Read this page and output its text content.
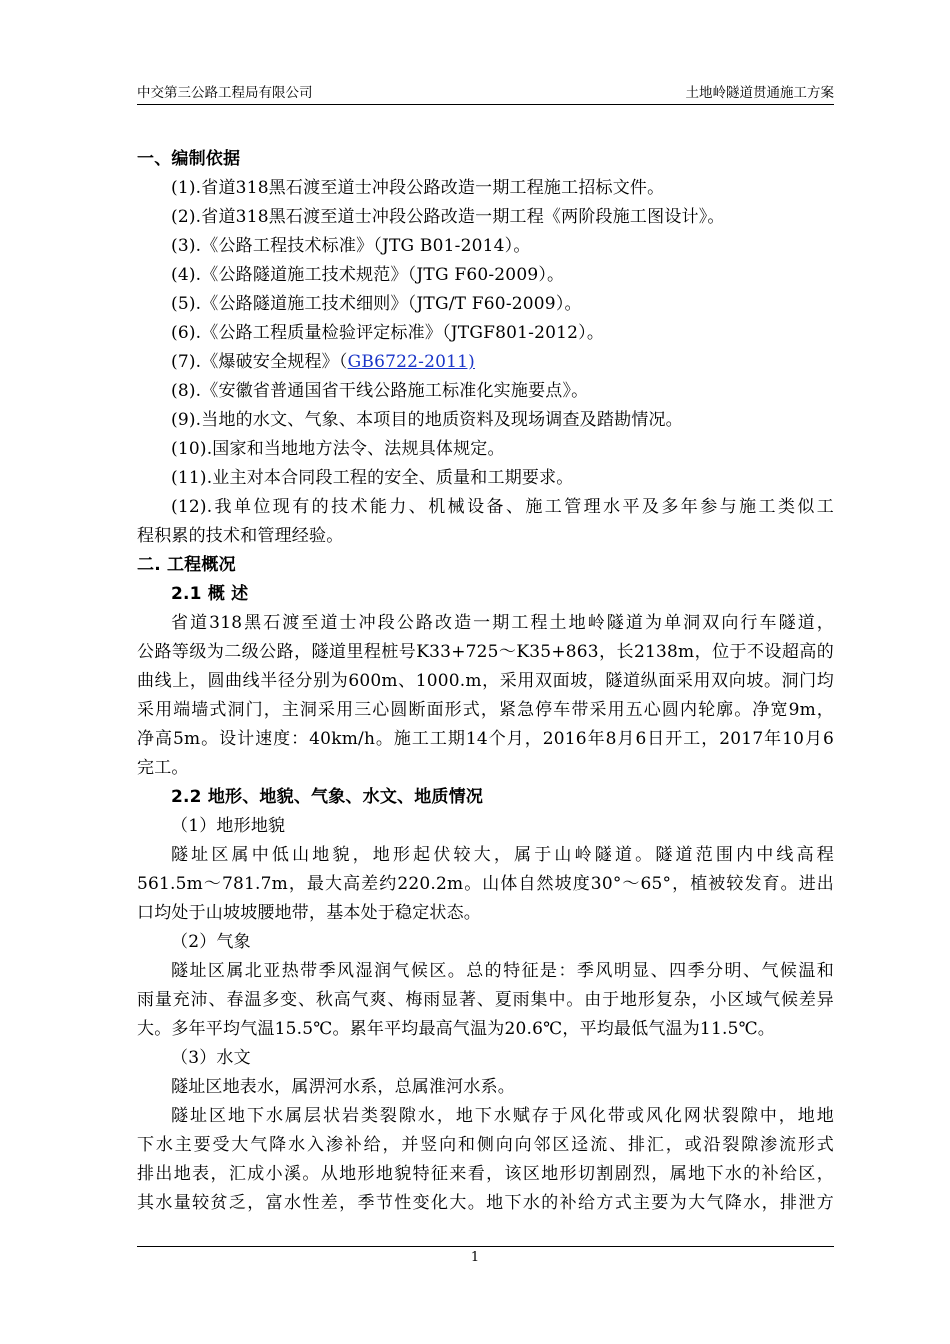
中交第三公路工程局有限公司	土地岭隧道贯通施工方案
一、编制依据
(1).省道318黑石渡至道士冲段公路改造一期工程施工招标文件。
(2).省道318黑石渡至道士冲段公路改造一期工程《两阶段施工图设计》。
(3).《公路工程技术标准》（JTG B01-2014）。
(4).《公路隧道施工技术规范》（JTG F60-2009）。
(5).《公路隧道施工技术细则》（JTG/T F60-2009）。
(6).《公路工程质量检验评定标准》（JTGF801-2012）。
(7).《爆破安全规程》（GB6722-2011)
(8).《安徽省普通国省干线公路施工标准化实施要点》。
(9).当地的水文、气象、本项目的地质资料及现场调查及踏勘情况。
(10).国家和当地地方法令、法规具体规定。
(11).业主对本合同段工程的安全、质量和工期要求。
(12).我单位现有的技术能力、机械设备、施工管理水平及多年参与施工类似工
程积累的技术和管理经验。
二. 工程概况
2.1 概 述
省道318黑石渡至道士冲段公路改造一期工程土地岭隧道为单洞双向行车隧道，
公路等级为二级公路，隧道里程桩号K33+725～K35+863，长2138m，位于不设超高的
曲线上，圆曲线半径分别为600m、1000.m，采用双面坡，隧道纵面采用双向坡。洞门均
采用端墙式洞门，主洞采用三心圆断面形式，紧急停车带采用五心圆内轮廓。净宽9m，
净高5m。设计速度：40km/h。施工工期14个月，2016年8月6日开工，2017年10月6
完工。
2.2 地形、地貌、气象、水文、地质情况
（1）地形地貌
隧址区属中低山地貌，地形起伏较大，属于山岭隧道。隧道范围内中线高程
561.5m～781.7m，最大高差约220.2m。山体自然坡度30°～65°，植被较发育。进出
口均处于山坡坡腰地带，基本处于稳定状态。
（2）气象
隧址区属北亚热带季风湿润气候区。总的特征是：季风明显、四季分明、气候温和
雨量充沛、春温多变、秋高气爽、梅雨显著、夏雨集中。由于地形复杂，小区域气候差异
大。多年平均气温15.5℃。累年平均最高气温为20.6℃，平均最低气温为11.5℃。
（3）水文
隧址区地表水，属淠河水系，总属淮河水系。
隧址区地下水属层状岩类裂隙水，地下水赋存于风化带或风化网状裂隙中，地地
下水主要受大气降水入渗补给，并竖向和侧向向邻区迳流、排汇，或沿裂隙渗流形式
排出地表，汇成小溪。从地形地貌特征来看，该区地形切割剧烈，属地下水的补给区，
其水量较贫乏，富水性差，季节性变化大。地下水的补给方式主要为大气降水，排泄方
1
